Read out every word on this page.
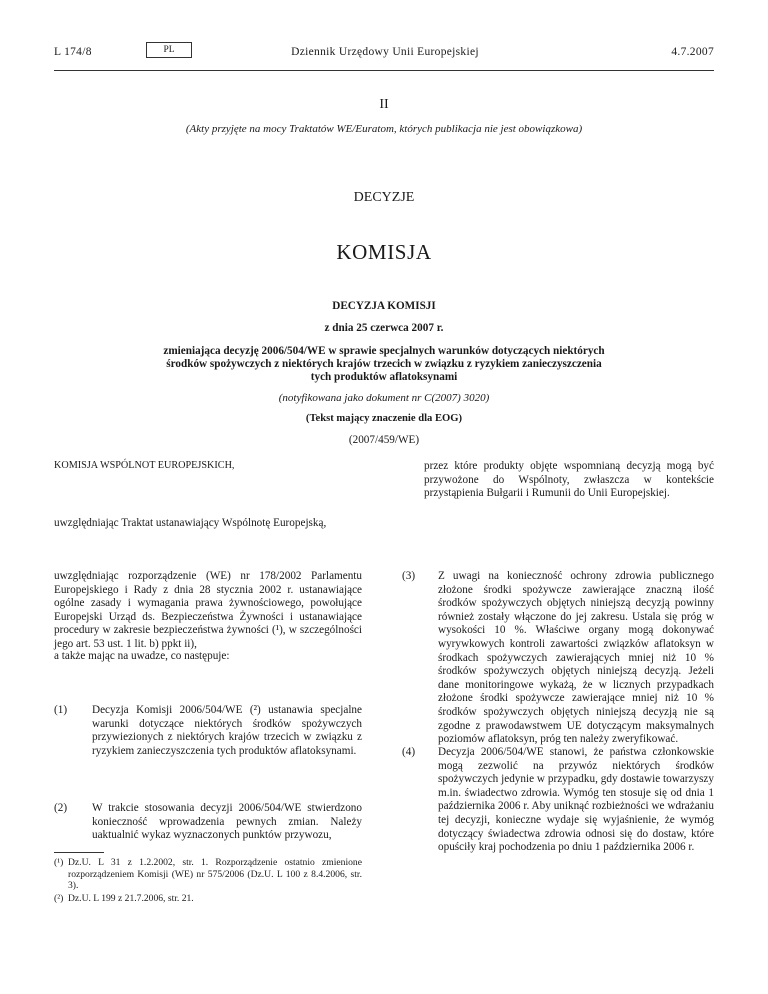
L 174/8	PL	Dziennik Urzędowy Unii Europejskiej	4.7.2007
II
(Akty przyjęte na mocy Traktatów WE/Euratom, których publikacja nie jest obowiązkowa)
DECYZJE
KOMISJA
DECYZJA KOMISJI
z dnia 25 czerwca 2007 r.
zmieniająca decyzję 2006/504/WE w sprawie specjalnych warunków dotyczących niektórych
środków spożywczych z niektórych krajów trzecich w związku z ryzykiem zanieczyszczenia
tych produktów aflatoksynami
(notyfikowana jako dokument nr C(2007) 3020)
(Tekst mający znaczenie dla EOG)
(2007/459/WE)
KOMISJA WSPÓLNOT EUROPEJSKICH,
uwzględniając Traktat ustanawiający Wspólnotę Europejską,
uwzględniając rozporządzenie (WE) nr 178/2002 Parlamentu Europejskiego i Rady z dnia 28 stycznia 2002 r. ustanawiające ogólne zasady i wymagania prawa żywnościowego, powołujące Europejski Urząd ds. Bezpieczeństwa Żywności i ustanawiające procedury w zakresie bezpieczeństwa żywności (¹), w szczególności jego art. 53 ust. 1 lit. b) ppkt ii),
a także mając na uwadze, co następuje:
(1) Decyzja Komisji 2006/504/WE (²) ustanawia specjalne warunki dotyczące niektórych środków spożywczych przywiezionych z niektórych krajów trzecich w związku z ryzykiem zanieczyszczenia tych produktów aflatoksynami.
(2) W trakcie stosowania decyzji 2006/504/WE stwierdzono konieczność wprowadzenia pewnych zmian. Należy uaktualnić wykaz wyznaczonych punktów przywozu,
(¹) Dz.U. L 31 z 1.2.2002, str. 1. Rozporządzenie ostatnio zmienione rozporządzeniem Komisji (WE) nr 575/2006 (Dz.U. L 100 z 8.4.2006, str. 3).
(²) Dz.U. L 199 z 21.7.2006, str. 21.
przez które produkty objęte wspomnianą decyzją mogą być przywożone do Wspólnoty, zwłaszcza w kontekście przystąpienia Bułgarii i Rumunii do Unii Europejskiej.
(3) Z uwagi na konieczność ochrony zdrowia publicznego złożone środki spożywcze zawierające znaczną ilość środków spożywczych objętych niniejszą decyzją powinny również zostały włączone do jej zakresu. Ustala się próg w wysokości 10 %. Właściwe organy mogą dokonywać wyrywkowych kontroli zawartości związków aflatoksyn w środkach spożywczych zawierających mniej niż 10 % środków spożywczych objętych niniejszą decyzją. Jeżeli dane monitoringowe wykażą, że w licznych przypadkach złożone środki spożywcze zawierające mniej niż 10 % środków spożywczych objętych niniejszą decyzją nie są zgodne z prawodawstwem UE dotyczącym maksymalnych poziomów aflatoksyn, próg ten należy zweryfikować.
(4) Decyzja 2006/504/WE stanowi, że państwa członkowskie mogą zezwolić na przywóz niektórych środków spożywczych jedynie w przypadku, gdy dostawie towarzyszy m.in. świadectwo zdrowia. Wymóg ten stosuje się od dnia 1 października 2006 r. Aby uniknąć rozbieżności we wdrażaniu tej decyzji, konieczne wydaje się wyjaśnienie, że wymóg dotyczący świadectwa zdrowia odnosi się do dostaw, które opuściły kraj pochodzenia po dniu 1 października 2006 r.
